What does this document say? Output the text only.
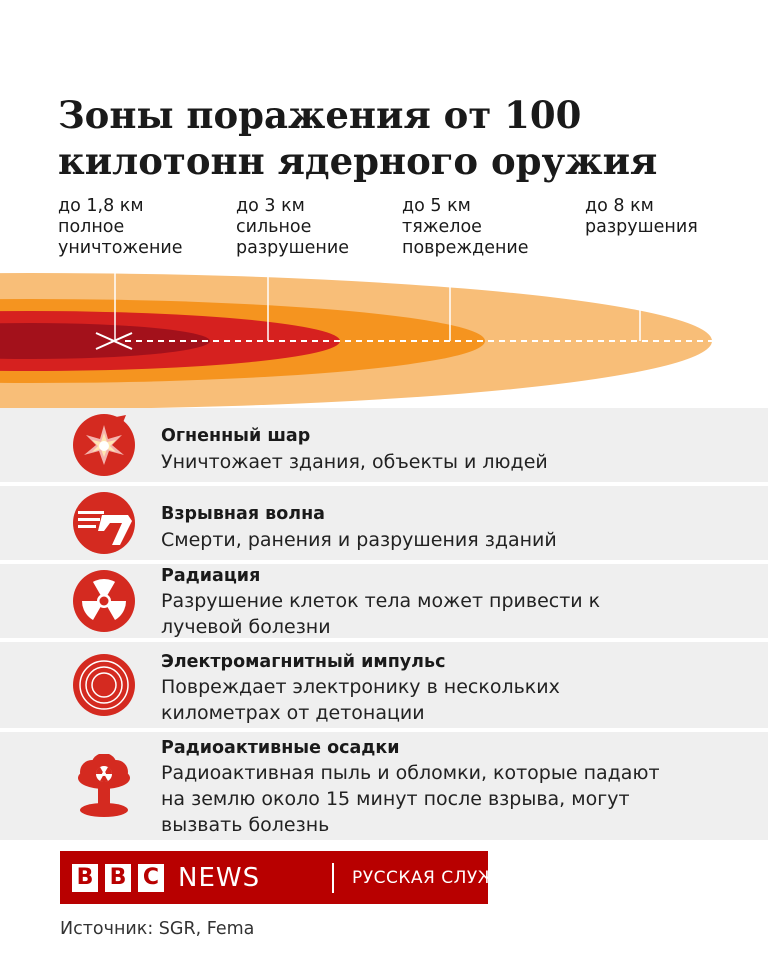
Зоны поражения от 100
килотонн ядерного оружия
до 1,8 км
полное
уничтожение
до 3 км
сильное
разрушение
до 5 км
тяжелое
повреждение
до 8 км
разрушения
Огненный шар
Уничтожает здания, объекты и людей
Взрывная волна
Смерти, ранения и разрушения зданий
Радиация
Разрушение клеток тела может привести к
лучевой болезни
Электромагнитный импульс
Повреждает электронику в нескольких
километрах от детонации
Радиоактивные осадки
Радиоактивная пыль и обломки, которые падают
на землю около 15 минут после взрыва, могут
вызвать болезнь
B B C NEWS	РУССКАЯ СЛУЖБА
Источник: SGR, Fema
